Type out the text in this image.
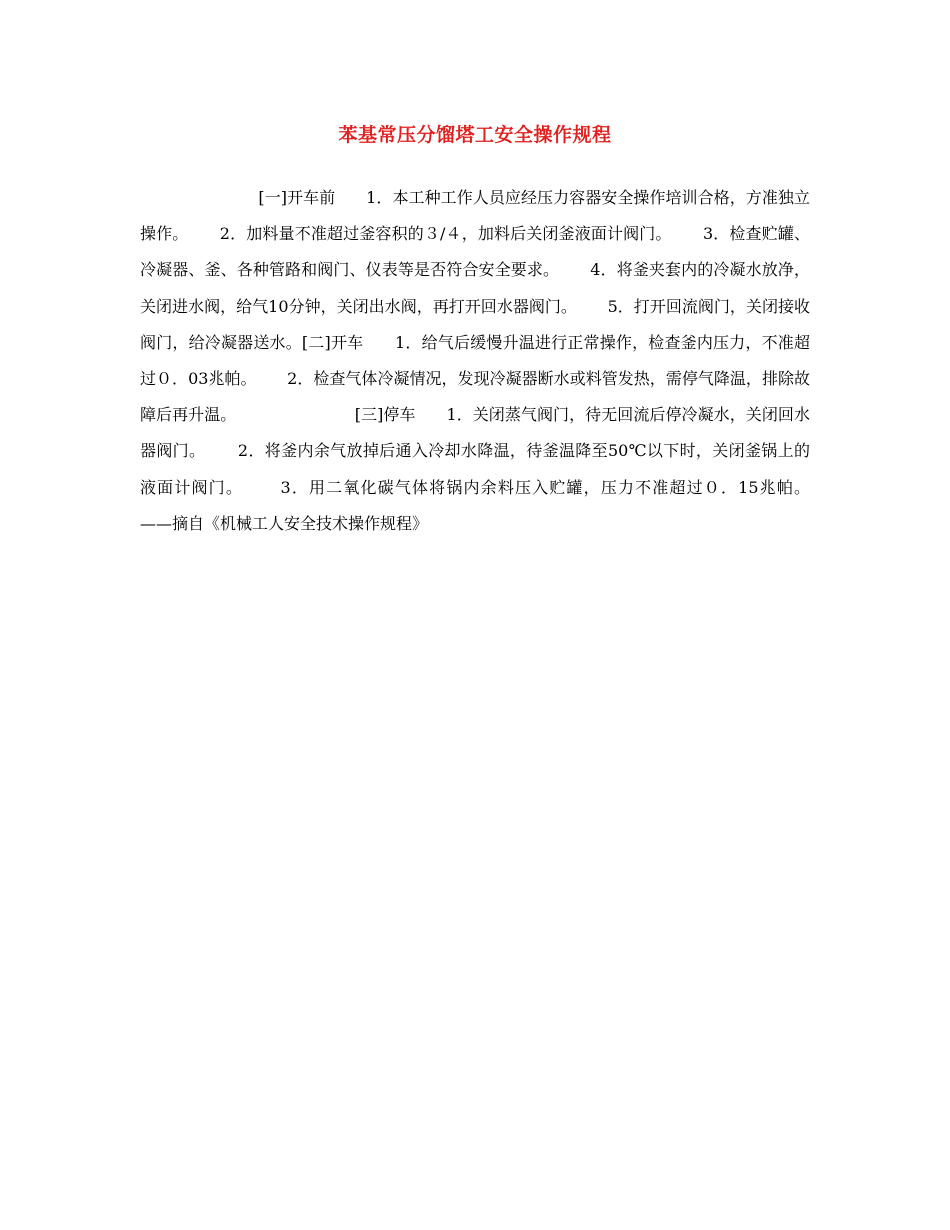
苯基常压分馏塔工安全操作规程
[一]开车前      1．本工种工作人员应经压力容器安全操作培训合格，方准独立操作。      2．加料量不准超过釜容积的３/４，加料后关闭釜液面计阀门。      3．检查贮罐、冷凝器、釜、各种管路和阀门、仪表等是否符合安全要求。      4．将釜夹套内的冷凝水放净，关闭进水阀，给气10分钟，关闭出水阀，再打开回水器阀门。      5．打开回流阀门，关闭接收阀门，给冷凝器送水。[二]开车      1．给气后缓慢升温进行正常操作，检查釜内压力，不准超过０．03兆帕。      2．检查气体冷凝情况，发现冷凝器断水或料管发热，需停气降温，排除故障后再升温。                       [三]停车      1．关闭蒸气阀门，待无回流后停冷凝水，关闭回水器阀门。      2．将釜内余气放掉后通入冷却水降温，待釜温降至50℃以下时，关闭釜锅上的液面计阀门。      3．用二氧化碳气体将锅内余料压入贮罐，压力不准超过０．15兆帕。                  ——摘自《机械工人安全技术操作规程》
